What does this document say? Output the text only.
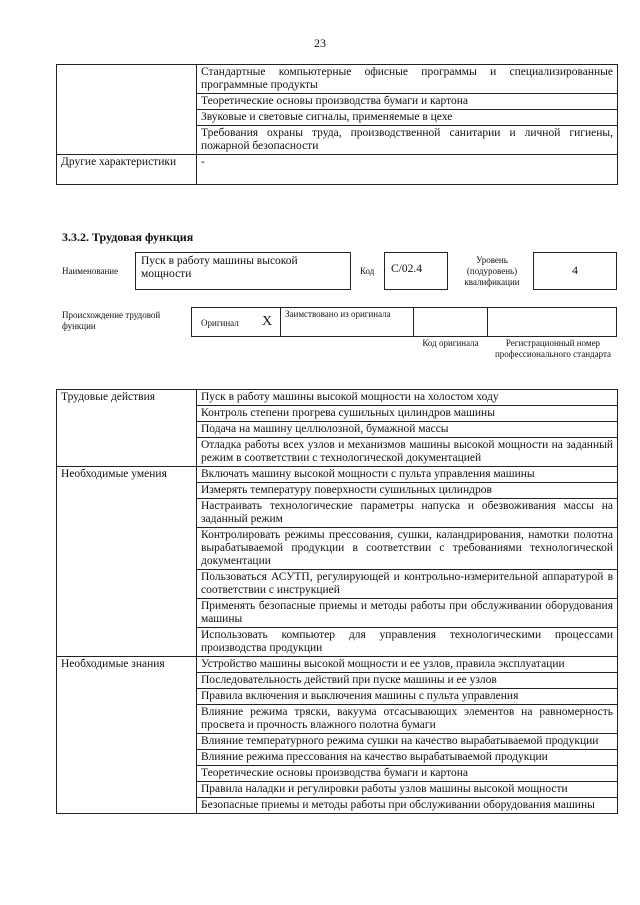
23
	Стандартные компьютерные офисные программы и специализированные программные продукты
	Теоретические основы производства бумаги и картона
	Звуковые и световые сигналы, применяемые в цехе
	Требования охраны труда, производственной санитарии и личной гигиены, пожарной безопасности
Другие характеристики	-
3.3.2. Трудовая функция
Наименование
Пуск в работу машины высокой мощности	Код	С/02.4
Уровень (подуровень) квалификации
4
Происхождение трудовой функции	Оригинал X	Заимствовано из оригинала
Код оригинала	Регистрационный номер профессионального стандарта
Трудовые действия	Пуск в работу машины высокой мощности на холостом ходу
	Контроль степени прогрева сушильных цилиндров машины
	Подача на машину целлюлозной, бумажной массы
	Отладка работы всех узлов и механизмов машины высокой мощности на заданный режим в соответствии с технологической документацией
Необходимые умения	Включать машину высокой мощности с пульта управления машины
	Измерять температуру поверхности сушильных цилиндров
	Настраивать технологические параметры напуска и обезвоживания массы на заданный режим
	Контролировать режимы прессования, сушки, каландрирования, намотки полотна вырабатываемой продукции в соответствии с требованиями технологической документации
	Пользоваться АСУТП, регулирующей и контрольно-измерительной аппаратурой в соответствии с инструкцией
	Применять безопасные приемы и методы работы при обслуживании оборудования машины
	Использовать компьютер для управления технологическими процессами производства продукции
Необходимые знания	Устройство машины высокой мощности и ее узлов, правила эксплуатации
	Последовательность действий при пуске машины и ее узлов
	Правила включения и выключения машины с пульта управления
	Влияние режима тряски, вакуума отсасывающих элементов на равномерность просвета и прочность влажного полотна бумаги
	Влияние температурного режима сушки на качество вырабатываемой продукции
	Влияние режима прессования на качество вырабатываемой продукции
	Теоретические основы производства бумаги и картона
	Правила наладки и регулировки работы узлов машины высокой мощности
	Безопасные приемы и методы работы при обслуживании оборудования машины
